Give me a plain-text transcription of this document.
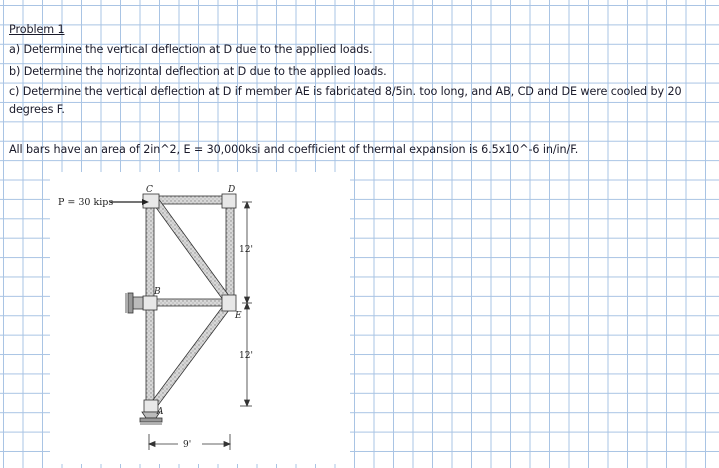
Problem 1
a) Determine the vertical deflection at D due to the applied loads.
b) Determine the horizontal deflection at D due to the applied loads.
c) Determine the vertical deflection at D if member AE is fabricated 8/5in. too long, and AB, CD and DE were cooled by 20
degrees F.
All bars have an area of 2in^2, E = 30,000ksi and coefficient of thermal expansion is 6.5x10^-6 in/in/F.
P = 30 kips
C	D
B
E
A
12'
12'
9'
